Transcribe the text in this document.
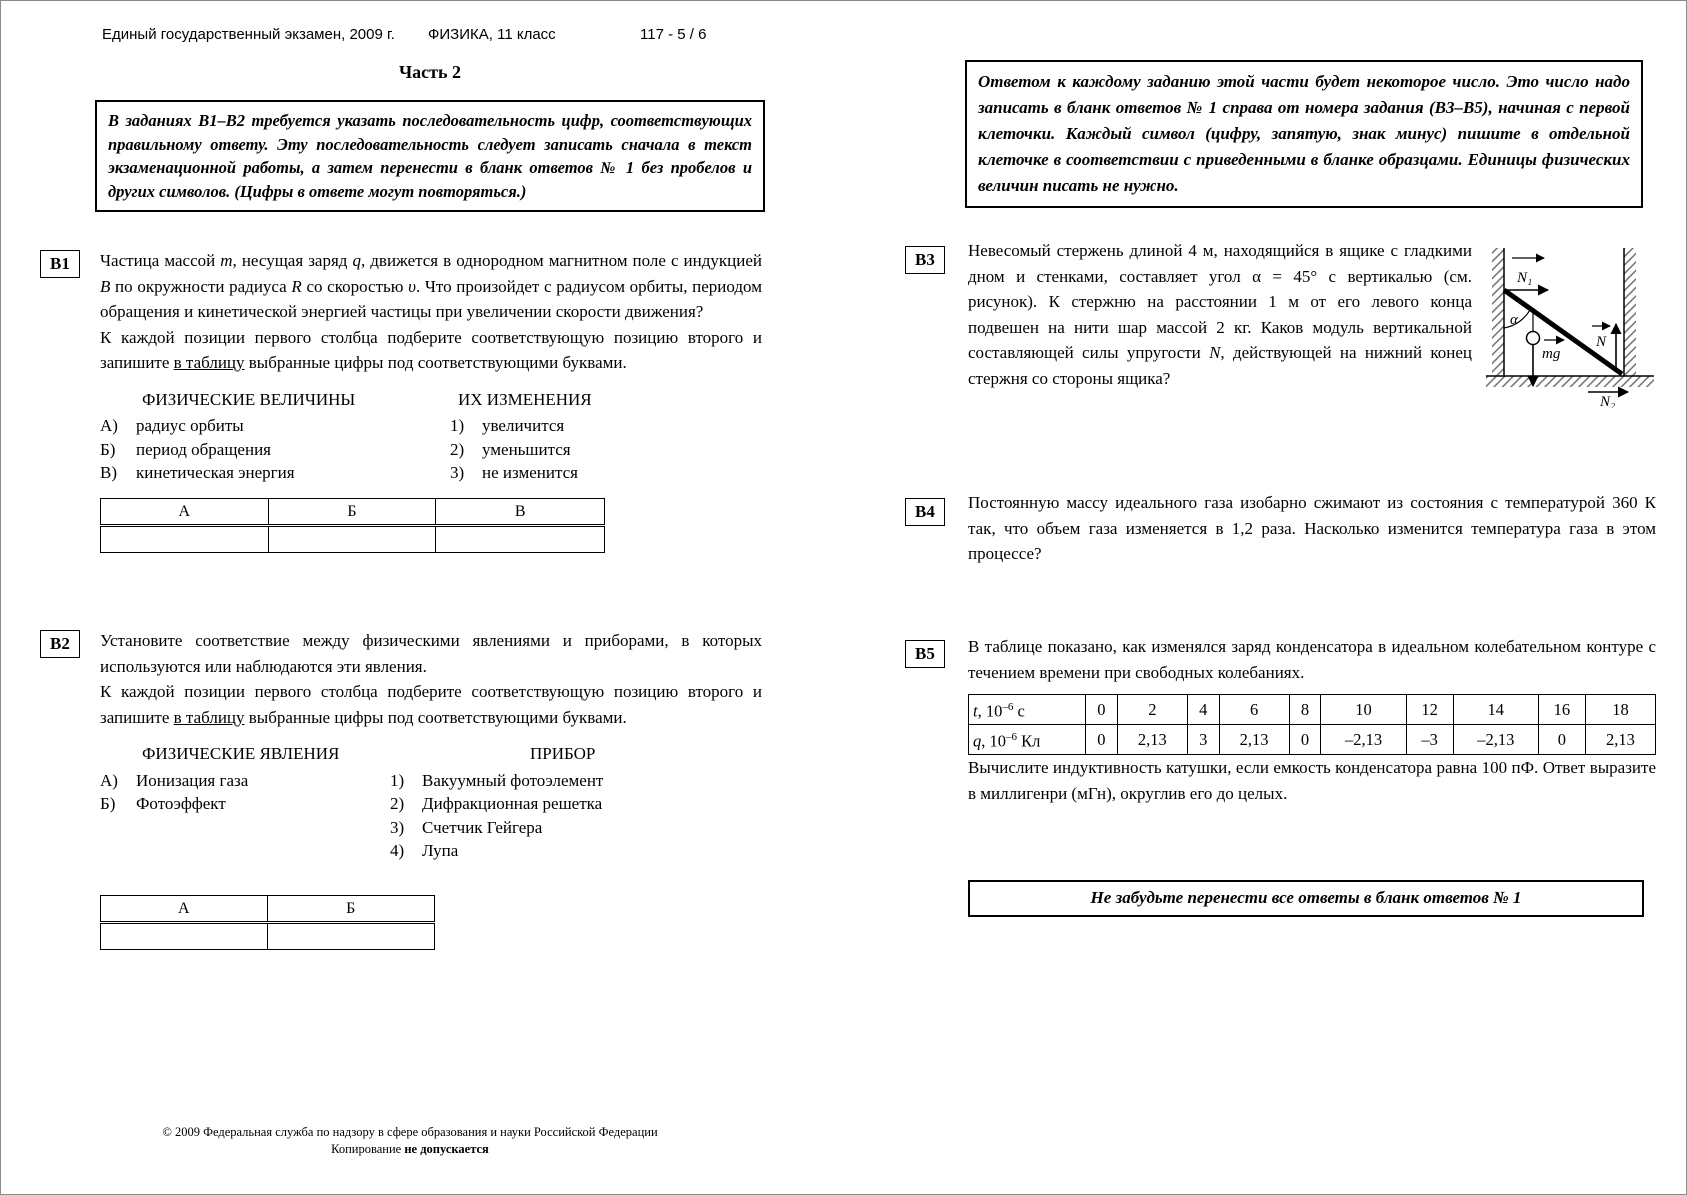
Единый государственный экзамен, 2009 г. ФИЗИКА, 11 класс	117 - 5 / 6
Часть 2
В заданиях В1–В2 требуется указать последовательность цифр, соответствующих правильному ответу. Эту последовательность следует записать сначала в текст экзаменационной работы, а затем перенести в бланк ответов № 1 без пробелов и других символов. (Цифры в ответе могут повторяться.)
В1	Частица массой m, несущая заряд q, движется в однородном магнитном поле с индукцией B по окружности радиуса R со скоростью υ. Что произойдет с радиусом орбиты, периодом обращения и кинетической энергией частицы при увеличении скорости движения?

К каждой позиции первого столбца подберите соответствующую позицию второго и запишите в таблицу выбранные цифры под соответствующими буквами.

ФИЗИЧЕСКИЕ ВЕЛИЧИНЫ
А)	радиус орбиты
Б)	период обращения
В)	кинетическая энергия
ИХ ИЗМЕНЕНИЯ
1)	увеличится
2)	уменьшится
3)	не изменится
А	Б	В

В2	Установите соответствие между физическими явлениями и приборами, в которых используются или наблюдаются эти явления.

К каждой позиции первого столбца подберите соответствующую позицию второго и запишите в таблицу выбранные цифры под соответствующими буквами.

ФИЗИЧЕСКИЕ ЯВЛЕНИЯ
А)	Ионизация газа
Б)	Фотоэффект
ПРИБОР
1)	Вакуумный фотоэлемент
2)	Дифракционная решетка
3)	Счетчик Гейгера
4)	Лупа
А	Б

© 2009 Федеральная служба по надзору в сфере образования и науки Российской Федерации
Копирование не допускается
Ответом к каждому заданию этой части будет некоторое число. Это число надо записать в бланк ответов № 1 справа от номера задания (В3–В5), начиная с первой клеточки. Каждый символ (цифру, запятую, знак минус) пишите в отдельной клеточке в соответствии с приведенными в бланке образцами. Единицы физических величин писать не нужно.
В3
N₁
α
mg
N
N₂

Невесомый стержень длиной 4 м, находящийся в ящике с гладкими дном и стенками, составляет угол α = 45° с вертикалью (см. рисунок). К стержню на расстоянии 1 м от его левого конца подвешен на нити шар массой 2 кг. Каков модуль вертикальной составляющей силы упругости N, действующей на нижний конец стержня со стороны ящика?

В4	Постоянную массу идеального газа изобарно сжимают из состояния с температурой 360 К так, что объем газа изменяется в 1,2 раза. Насколько изменится температура газа в этом процессе?

В5	В таблице показано, как изменялся заряд конденсатора в идеальном колебательном контуре с течением времени при свободных колебаниях.

t, $10^{-6}$ с	0	2	4	6	8	10	12	14	16	18
q, $10^{-6}$ Кл	0	2,13	3	2,13	0	–2,13	–3	–2,13	0	2,13

Вычислите индуктивность катушки, если емкость конденсатора равна 100 пФ. Ответ выразите в миллигенри (мГн), округлив его до целых.

Не забудьте перенести все ответы в бланк ответов № 1
